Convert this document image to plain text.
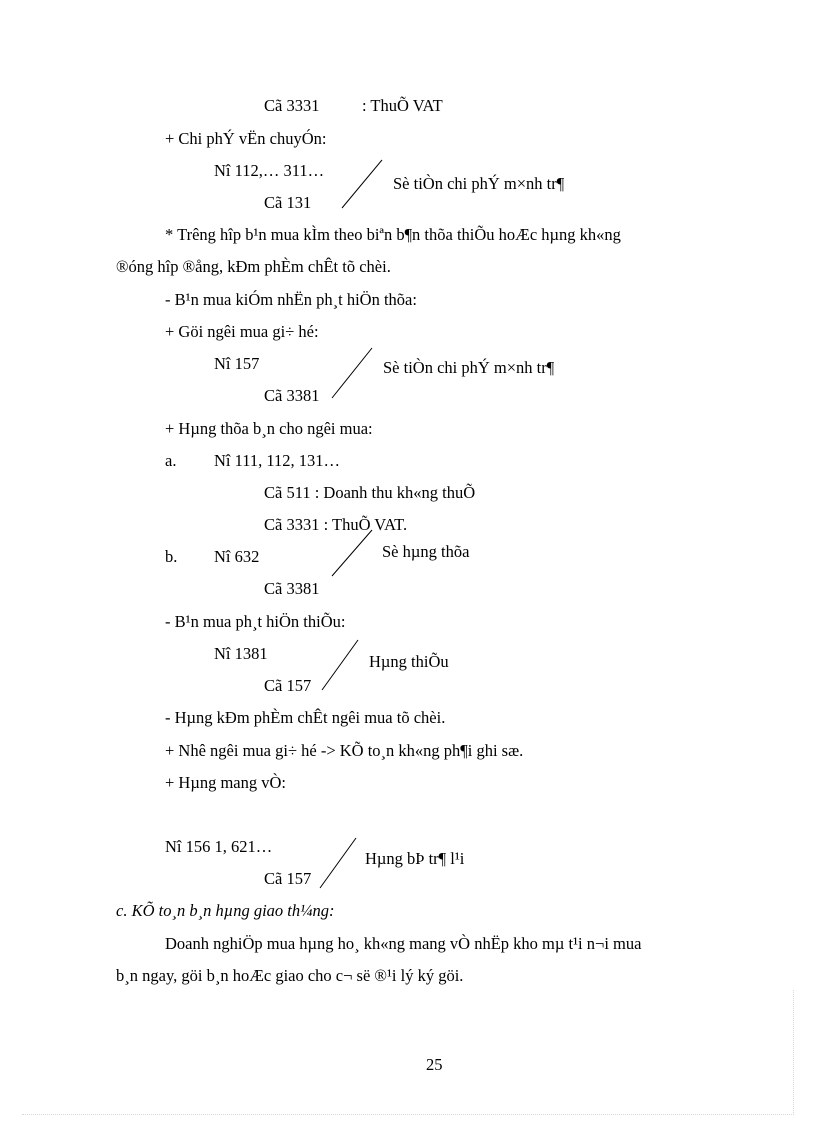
Cã 3331	: ThuÕ VAT
+ Chi phÝ vËn chuyÓn:
Nî 112,… 311…
Sè tiÒn chi phÝ m×nh tr¶
Cã 131
* Trêng hîp b¹n mua kÌm theo biªn b¶n thõa thiÕu hoÆc hµng kh«ng
®óng hîp ®ång, kÐm phÈm chÊt tõ chèi.
- B¹n mua kiÓm nhËn ph¸t hiÖn thõa:
+ Göi ngêi mua gi÷ hé:
Nî 157	Sè tiÒn chi phÝ m×nh tr¶
Cã 3381
+ Hµng thõa b¸n cho ngêi mua:
a. Nî 111, 112, 131…
Cã 511 : Doanh thu kh«ng thuÕ
Cã 3331 : ThuÕ VAT.
b. Nî 632	Sè hµng thõa
Cã 3381
- B¹n mua ph¸t hiÖn thiÕu:
Nî 1381	Hµng thiÕu
Cã 157
- Hµng kÐm phÈm chÊt ngêi mua tõ chèi.
+ Nhê ngêi mua gi÷ hé -> KÕ to¸n kh«ng ph¶i ghi sæ.
+ Hµng mang vÒ:
Nî 156 1, 621…
Hµng bÞ tr¶ l¹i
Cã 157
c. KÕ to¸n b¸n hµng giao th¼ng:
Doanh nghiÖp mua hµng ho¸ kh«ng mang vÒ nhËp kho mµ t¹i n¬i mua
b¸n ngay, göi b¸n hoÆc giao cho c¬ së ®¹i lý ký göi.
25
